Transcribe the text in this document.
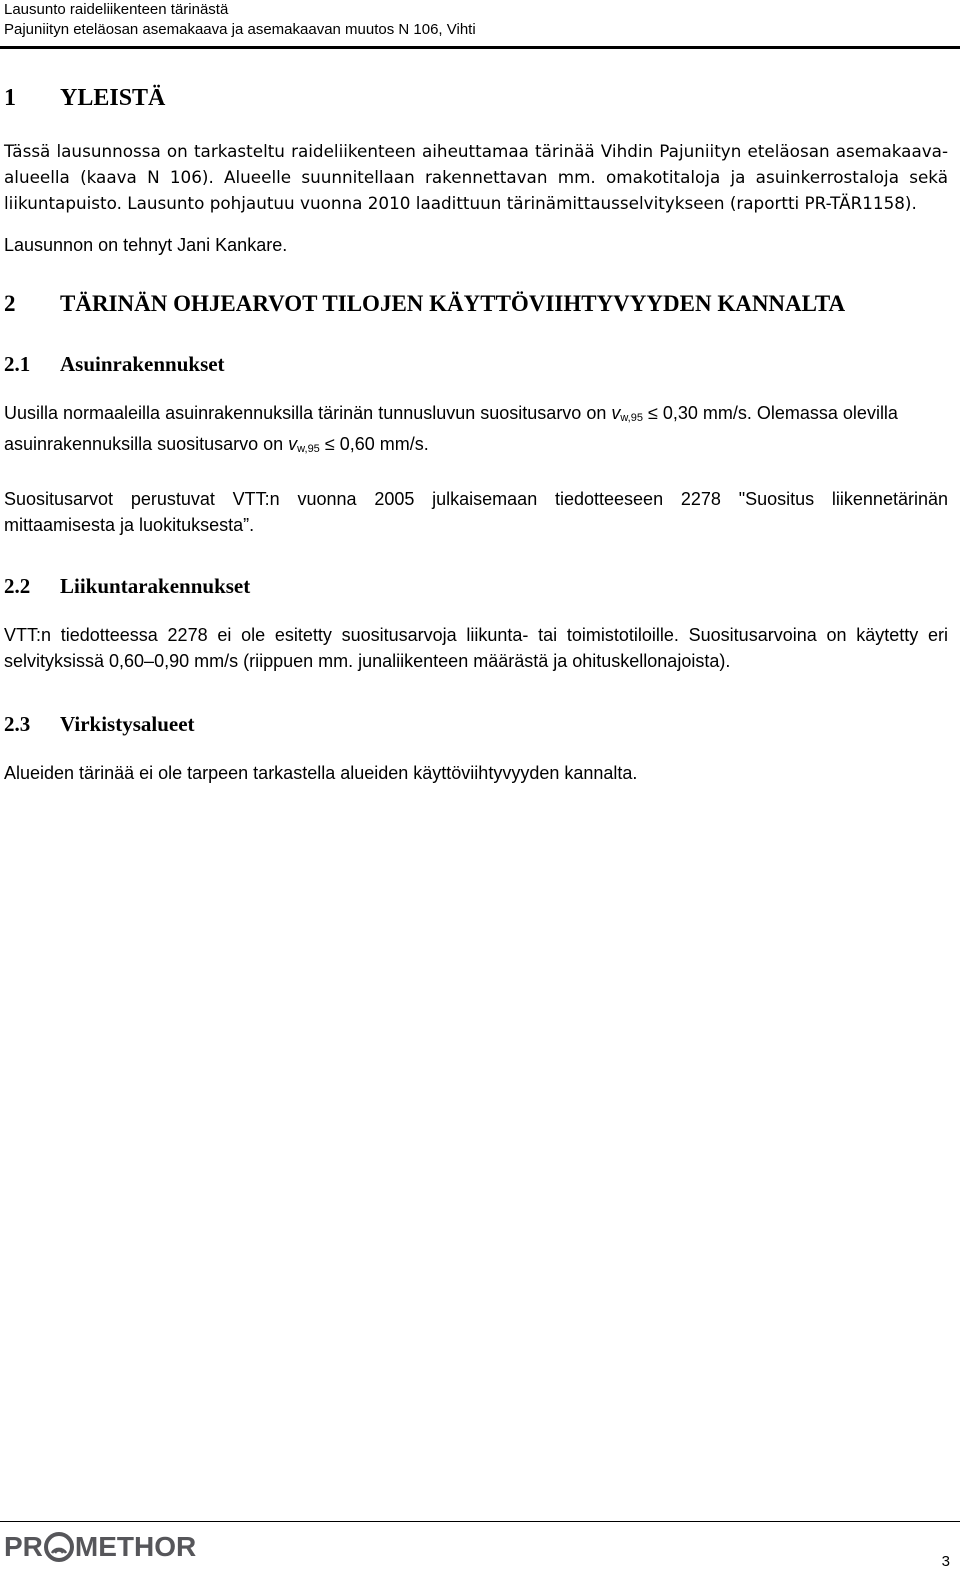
Lausunto raideliikenteen tärinästä
Pajuniityn eteläosan asemakaava ja asemakaavan muutos N 106, Vihti
1	YLEISTÄ

Tässä lausunnossa on tarkasteltu raideliikenteen aiheuttamaa tärinää Vihdin Pajuniityn eteläosan asemakaava-alueella (kaava N 106). Alueelle suunnitellaan rakennettavan mm. omakotitaloja ja asuinkerrostaloja sekä liikuntapuisto. Lausunto pohjautuu vuonna 2010 laadittuun tärinämittausselvitykseen (raportti PR-TÄR1158).

Lausunnon on tehnyt Jani Kankare.

2	TÄRINÄN OHJEARVOT TILOJEN KÄYTTÖVIIHTYVYYDEN KANNALTA
2.1	Asuinrakennukset

Uusilla normaaleilla asuinrakennuksilla tärinän tunnusluvun suositusarvo on $v_{w,95} \le 0,30$ mm/s. Olemassa olevilla asuinrakennuksilla suositusarvo on $v_{w,95} \le 0,60$ mm/s.

Suositusarvot perustuvat VTT:n vuonna 2005 julkaisemaan tiedotteeseen 2278 "Suositus liikennetärinän mittaamisesta ja luokituksesta”.

2.2	Liikuntarakennukset

VTT:n tiedotteessa 2278 ei ole esitetty suositusarvoja liikunta- tai toimistotiloille. Suositusarvoina on käytetty eri selvityksissä 0,60–0,90 mm/s (riippuen mm. junaliikenteen määrästä ja ohituskellonajoista).

2.3	Virkistysalueet

Alueiden tärinää ei ole tarpeen tarkastella alueiden käyttöviihtyvyyden kannalta.

PR METHOR	3
